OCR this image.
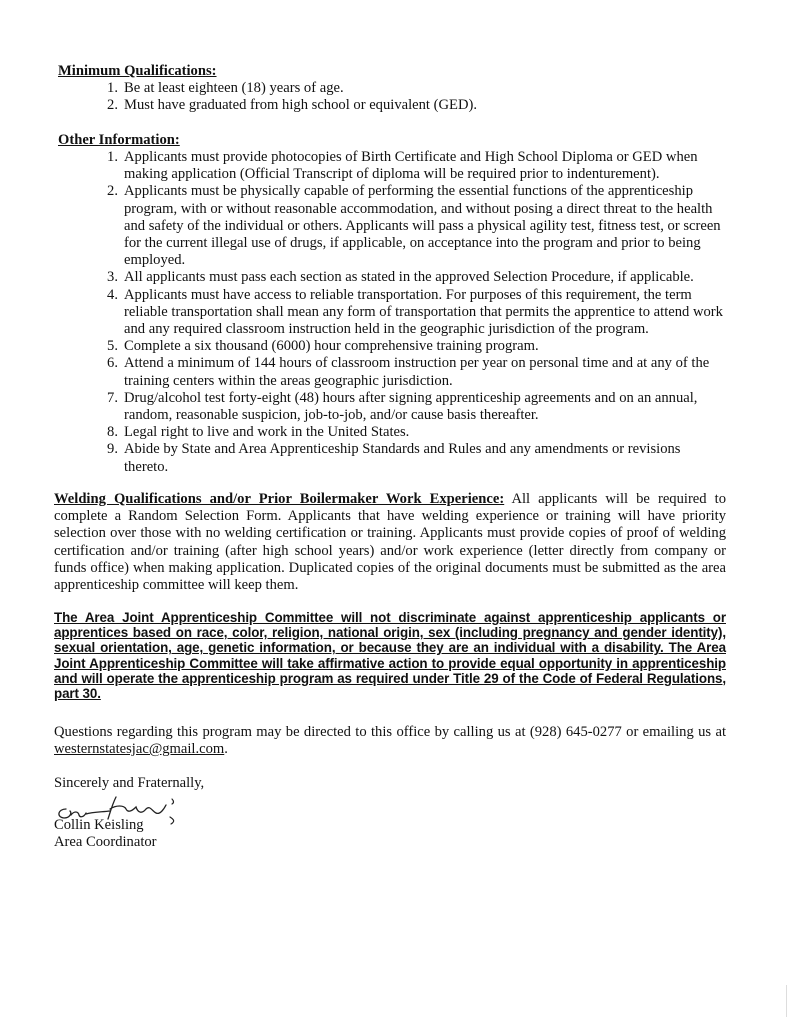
Minimum Qualifications:
1. Be at least eighteen (18) years of age.
2. Must have graduated from high school or equivalent (GED).
Other Information:
1. Applicants must provide photocopies of Birth Certificate and High School Diploma or GED when making application (Official Transcript of diploma will be required prior to indenturement).
2. Applicants must be physically capable of performing the essential functions of the apprenticeship program, with or without reasonable accommodation, and without posing a direct threat to the health and safety of the individual or others. Applicants will pass a physical agility test, fitness test, or screen for the current illegal use of drugs, if applicable, on acceptance into the program and prior to being employed.
3. All applicants must pass each section as stated in the approved Selection Procedure, if applicable.
4. Applicants must have access to reliable transportation. For purposes of this requirement, the term reliable transportation shall mean any form of transportation that permits the apprentice to attend work and any required classroom instruction held in the geographic jurisdiction of the program.
5. Complete a six thousand (6000) hour comprehensive training program.
6. Attend a minimum of 144 hours of classroom instruction per year on personal time and at any of the training centers within the areas geographic jurisdiction.
7. Drug/alcohol test forty-eight (48) hours after signing apprenticeship agreements and on an annual, random, reasonable suspicion, job-to-job, and/or cause basis thereafter.
8. Legal right to live and work in the United States.
9. Abide by State and Area Apprenticeship Standards and Rules and any amendments or revisions thereto.
Welding Qualifications and/or Prior Boilermaker Work Experience: All applicants will be required to complete a Random Selection Form. Applicants that have welding experience or training will have priority selection over those with no welding certification or training. Applicants must provide copies of proof of welding certification and/or training (after high school years) and/or work experience (letter directly from company or funds office) when making application. Duplicated copies of the original documents must be submitted as the area apprenticeship committee will keep them.
The Area Joint Apprenticeship Committee will not discriminate against apprenticeship applicants or apprentices based on race, color, religion, national origin, sex (including pregnancy and gender identity), sexual orientation, age, genetic information, or because they are an individual with a disability. The Area Joint Apprenticeship Committee will take affirmative action to provide equal opportunity in apprenticeship and will operate the apprenticeship program as required under Title 29 of the Code of Federal Regulations, part 30.
Questions regarding this program may be directed to this office by calling us at (928) 645-0277 or emailing us at westernstatesjac@gmail.com.
Sincerely and Fraternally,
Collin Keisling
Area Coordinator
